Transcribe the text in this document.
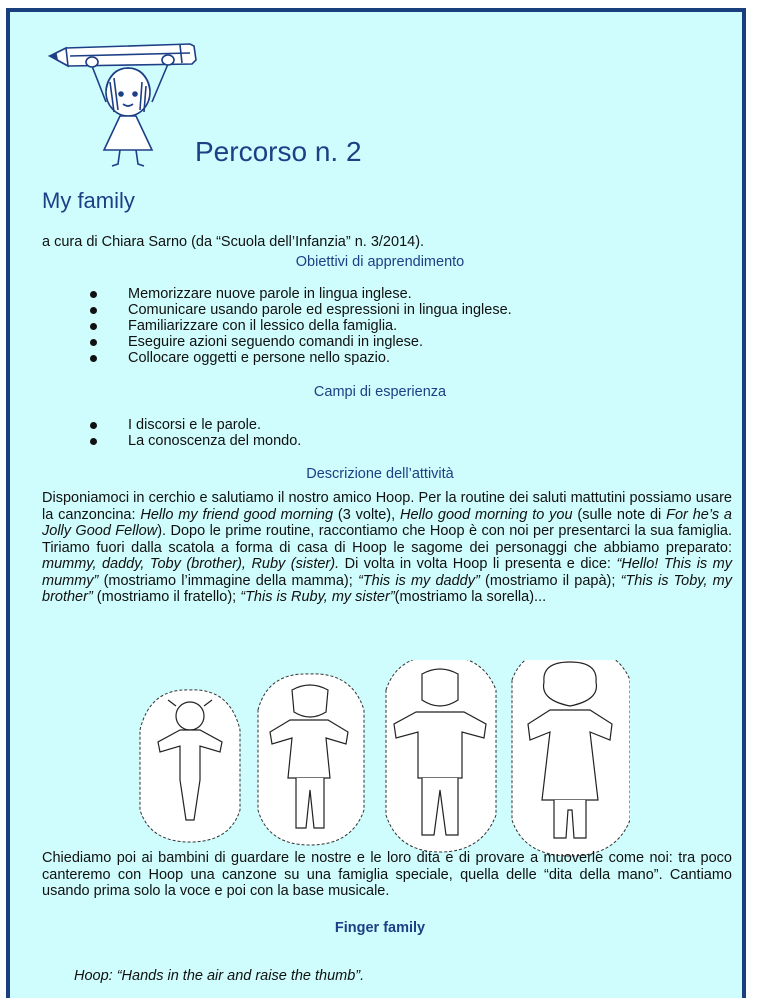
Percorso n. 2
My family
a cura di Chiara Sarno (da “Scuola dell’Infanzia” n. 3/2014).
Obiettivi di apprendimento
Memorizzare nuove parole in lingua inglese.
Comunicare usando parole ed espressioni in lingua inglese.
Familiarizzare con il lessico della famiglia.
Eseguire azioni seguendo comandi in inglese.
Collocare oggetti e persone nello spazio.
Campi di esperienza
I discorsi e le parole.
La conoscenza del mondo.
Descrizione dell’attività

Disponiamoci in cerchio e salutiamo il nostro amico Hoop. Per la routine dei saluti mattutini possiamo usare la canzoncina: Hello my friend good morning (3 volte), Hello good morning to you (sulle note di For he’s a Jolly Good Fellow). Dopo le prime routine, raccontiamo che Hoop è con noi per presentarci la sua famiglia. Tiriamo fuori dalla scatola a forma di casa di Hoop le sagome dei personaggi che abbiamo preparato: mummy, daddy, Toby (brother), Ruby (sister). Di volta in volta Hoop li presenta e dice: “Hello! This is my mummy” (mostriamo l’immagine della mamma); “This is my daddy” (mostriamo il papà); “This is Toby, my brother” (mostriamo il fratello); “This is Ruby, my sister”(mostriamo la sorella)...

Chiediamo poi ai bambini di guardare le nostre e le loro dita e di provare a muoverle come noi: tra poco canteremo con Hoop una canzone su una famiglia speciale, quella delle “dita della mano”. Cantiamo usando prima solo la voce e poi con la base musicale.

Finger family
Hoop: “Hands in the air and raise the thumb”.
